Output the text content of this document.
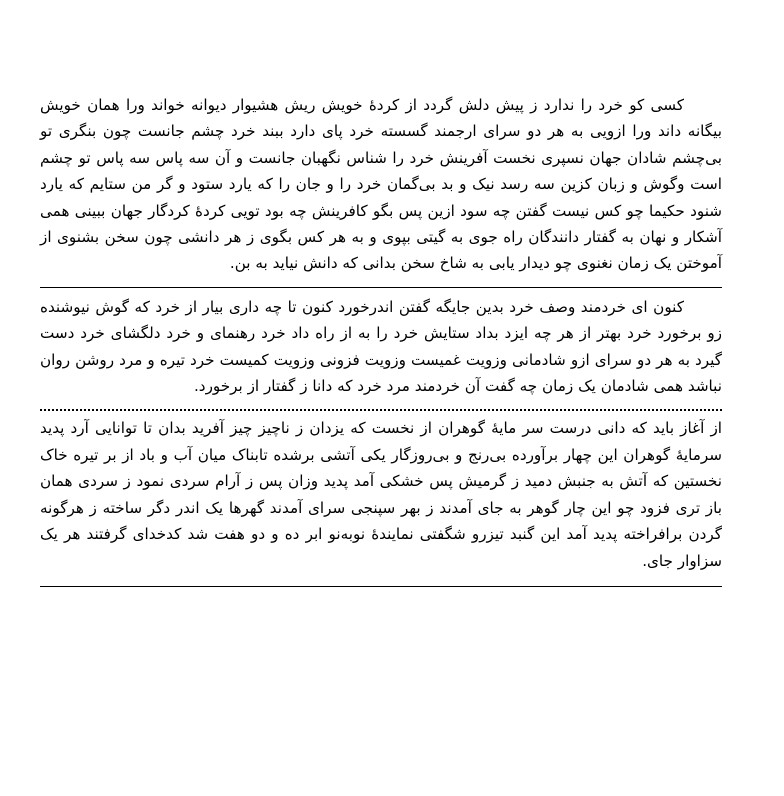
کسی کو خرد را ندارد ز پیش دلش گردد از کردهٔ خویش ریش هشیوار دیوانه خواند ورا همان خویش بیگانه داند ورا ازویی به هر دو سرای ارجمند گسسته خرد پای دارد ببند خرد چشم جانست چون بنگری تو بی‌چشم شادان جهان نسپری نخست آفرینش خرد را شناس نگهبان جانست و آن سه پاس سه پاس تو چشم است وگوش و زبان کزین سه رسد نیک و بد بی‌گمان خرد را و جان را که یارد ستود و گر من ستایم که یارد شنود حکیما چو کس نیست گفتن چه سود ازین پس بگو کافرینش چه بود تویی کردهٔ کردگار جهان ببینی همی آشکار و نهان به گفتار دانندگان راه جوی به گیتی بپوی و به هر کس بگوی ز هر دانشی چون سخن بشنوی از آموختن یک زمان نغنوی چو دیدار یابی به شاخ سخن بدانی که دانش نیاید به بن.

کنون ای خردمند وصف خرد بدین جایگه گفتن اندرخورد کنون تا چه داری بیار از خرد که گوش نیوشنده زو برخورد خرد بهتر از هر چه ایزد بداد ستایش خرد را به از راه داد خرد رهنمای و خرد دلگشای خرد دست گیرد به هر دو سرای ازو شادمانی وزویت غمیست وزویت فزونی وزویت کمیست خرد تیره و مرد روشن روان نباشد همی شادمان یک زمان چه گفت آن خردمند مرد خرد که دانا ز گفتار از برخورد.

از آغاز باید که دانی درست سر مایهٔ گوهران از نخست که یزدان ز ناچیز چیز آفرید بدان تا توانایی آرد پدید سرمایهٔ گوهران این چهار برآورده بی‌رنج و بی‌روزگار یکی آتشی برشده تابناک میان آب و باد از بر تیره خاک نخستین که آتش به جنبش دمید ز گرمیش پس خشکی آمد پدید وزان پس ز آرام سردی نمود ز سردی همان باز تری فزود چو این چار گوهر به جای آمدند ز بهر سپنجی سرای آمدند گهرها یک اندر دگر ساخته ز هرگونه گردن برافراخته پدید آمد این گنبد تیزرو شگفتی نمایندهٔ نوبه‌نو ابر ده و دو هفت شد کدخدای گرفتند هر یک سزاوار جای.
